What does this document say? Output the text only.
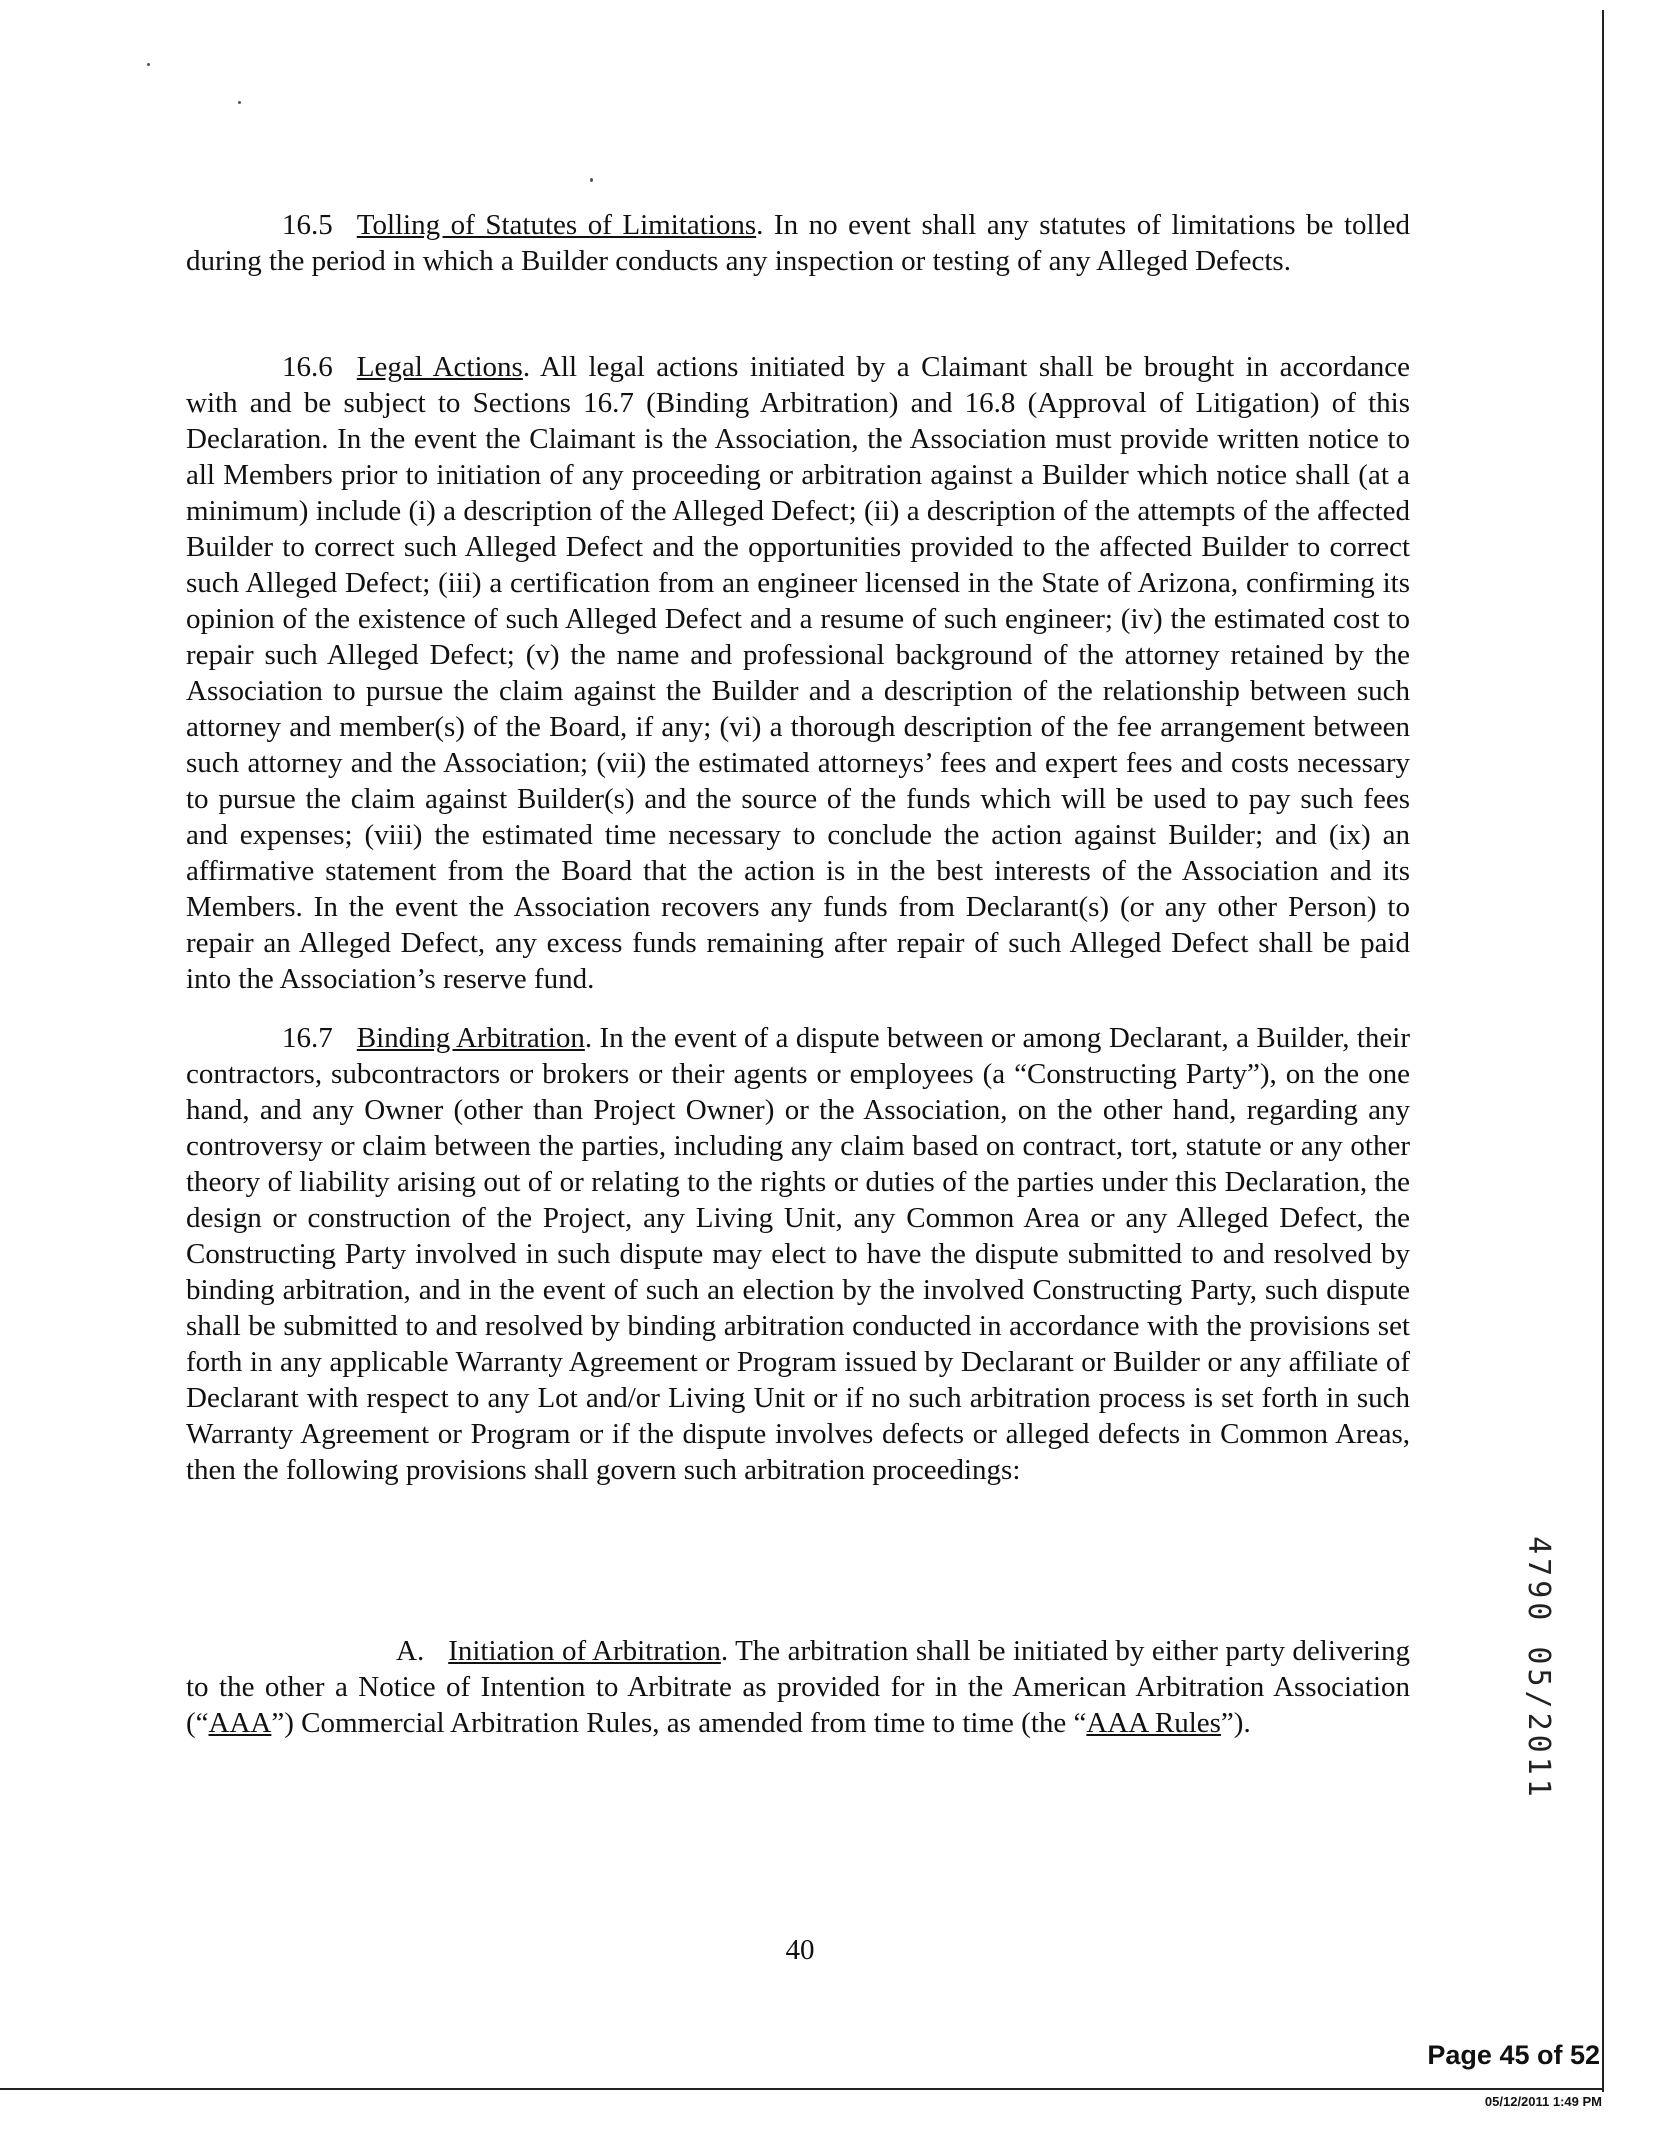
16.5 Tolling of Statutes of Limitations. In no event shall any statutes of limitations be tolled during the period in which a Builder conducts any inspection or testing of any Alleged Defects.

16.6 Legal Actions. All legal actions initiated by a Claimant shall be brought in accordance with and be subject to Sections 16.7 (Binding Arbitration) and 16.8 (Approval of Litigation) of this Declaration. In the event the Claimant is the Association, the Association must provide written notice to all Members prior to initiation of any proceeding or arbitration against a Builder which notice shall (at a minimum) include (i) a description of the Alleged Defect; (ii) a description of the attempts of the affected Builder to correct such Alleged Defect and the opportunities provided to the affected Builder to correct such Alleged Defect; (iii) a certification from an engineer licensed in the State of Arizona, confirming its opinion of the existence of such Alleged Defect and a resume of such engineer; (iv) the estimated cost to repair such Alleged Defect; (v) the name and professional background of the attorney retained by the Association to pursue the claim against the Builder and a description of the relationship between such attorney and member(s) of the Board, if any; (vi) a thorough description of the fee arrangement between such attorney and the Association; (vii) the estimated attorneys’ fees and expert fees and costs necessary to pursue the claim against Builder(s) and the source of the funds which will be used to pay such fees and expenses; (viii) the estimated time necessary to conclude the action against Builder; and (ix) an affirmative statement from the Board that the action is in the best interests of the Association and its Members. In the event the Association recovers any funds from Declarant(s) (or any other Person) to repair an Alleged Defect, any excess funds remaining after repair of such Alleged Defect shall be paid into the Association’s reserve fund.

16.7 Binding Arbitration. In the event of a dispute between or among Declarant, a Builder, their contractors, subcontractors or brokers or their agents or employees (a “Constructing Party”), on the one hand, and any Owner (other than Project Owner) or the Association, on the other hand, regarding any controversy or claim between the parties, including any claim based on contract, tort, statute or any other theory of liability arising out of or relating to the rights or duties of the parties under this Declaration, the design or construction of the Project, any Living Unit, any Common Area or any Alleged Defect, the Constructing Party involved in such dispute may elect to have the dispute submitted to and resolved by binding arbitration, and in the event of such an election by the involved Constructing Party, such dispute shall be submitted to and resolved by binding arbitration conducted in accordance with the provisions set forth in any applicable Warranty Agreement or Program issued by Declarant or Builder or any affiliate of Declarant with respect to any Lot and/or Living Unit or if no such arbitration process is set forth in such Warranty Agreement or Program or if the dispute involves defects or alleged defects in Common Areas, then the following provisions shall govern such arbitration proceedings:

A. Initiation of Arbitration. The arbitration shall be initiated by either party delivering to the other a Notice of Intention to Arbitrate as provided for in the American Arbitration Association (“AAA”) Commercial Arbitration Rules, as amended from time to time (the “AAA Rules”).

40
4790 05/2011
Page 45 of 52
05/12/2011 1:49 PM
